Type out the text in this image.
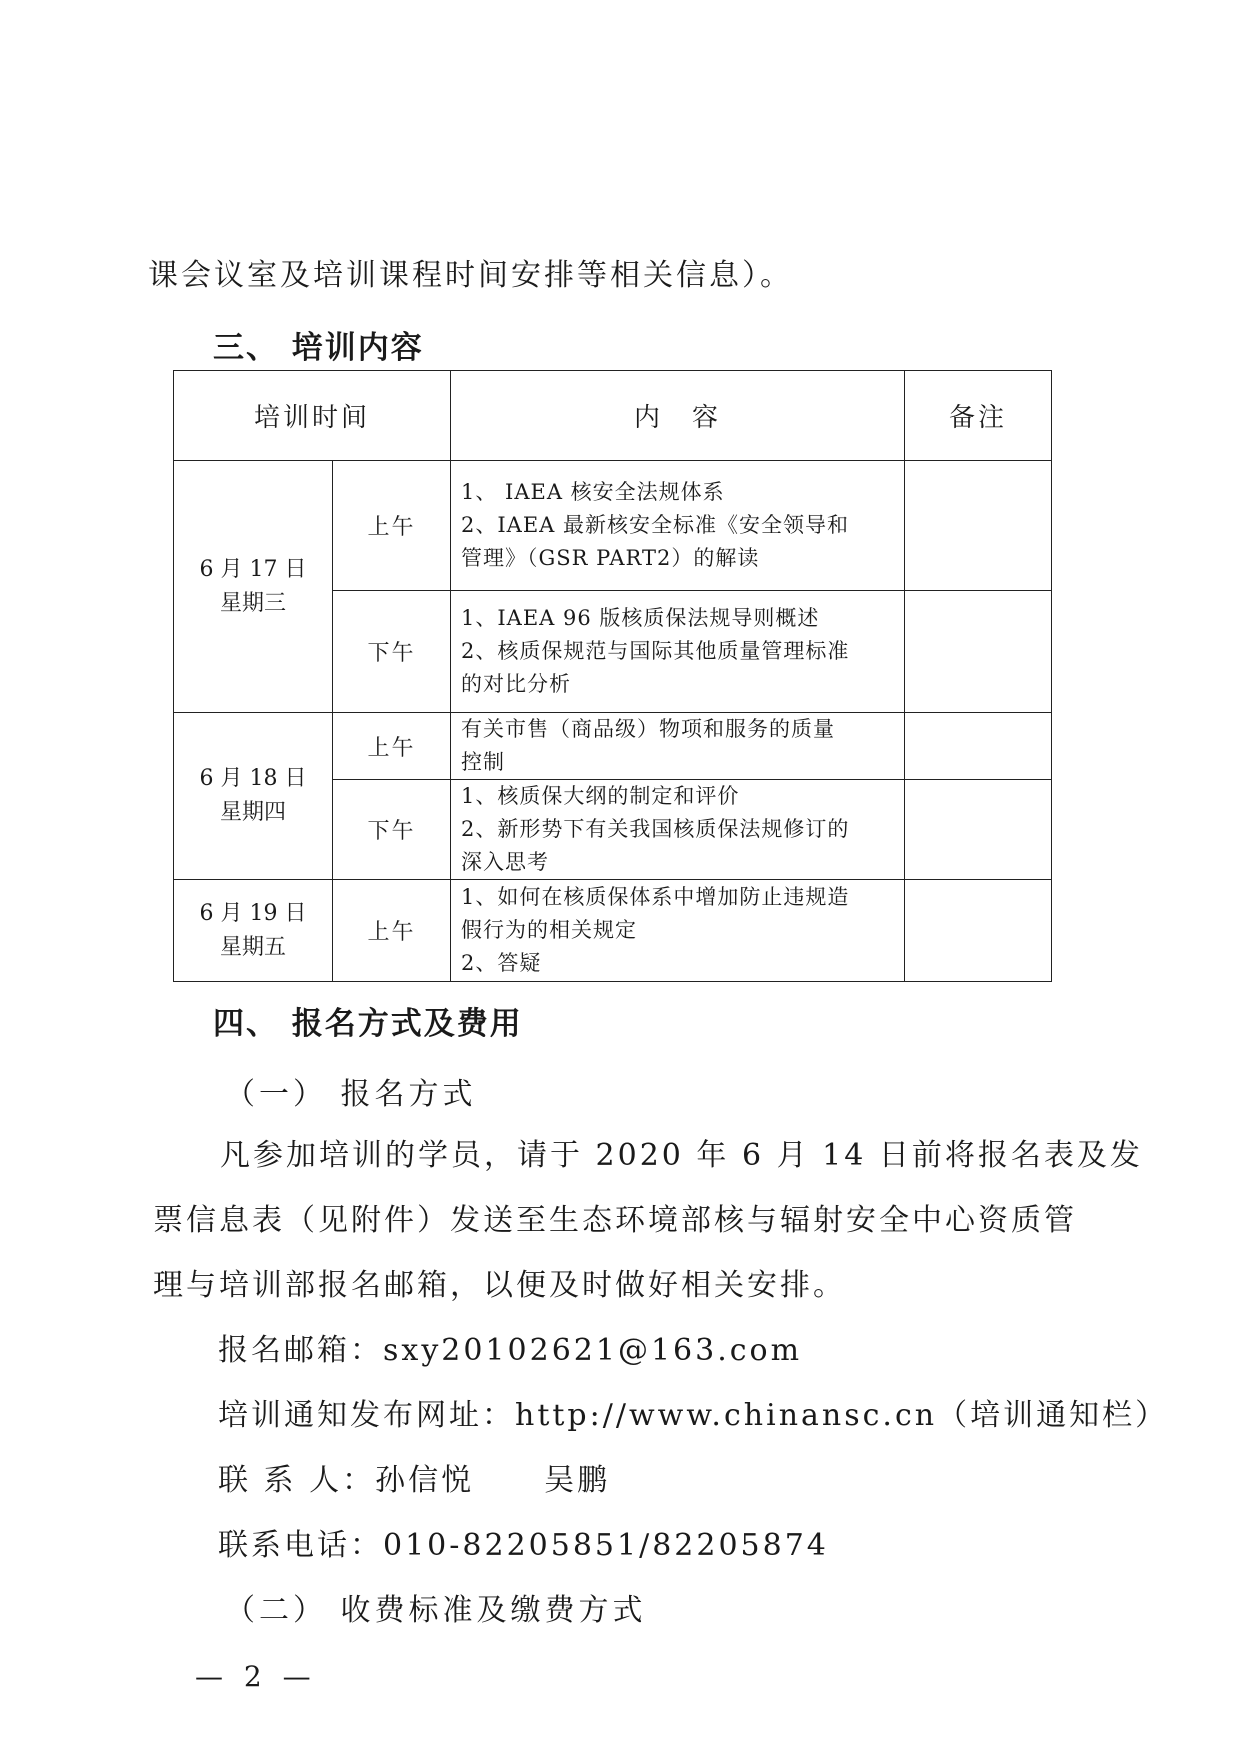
课会议室及培训课程时间安排等相关信息）。
三、 培训内容
培训时间		内　容	备注

6 月 17 日
星期三	上午	1、 IAEA 核安全法规体系
2、IAEA 最新核安全标准《安全领导和
管理》（GSR PART2）的解读	

	下午	1、IAEA 96 版核质保法规导则概述
2、核质保规范与国际其他质量管理标准
的对比分析	

6 月 18 日
星期四	上午	有关市售（商品级）物项和服务的质量
控制	

	下午	1、核质保大纲的制定和评价
2、新形势下有关我国核质保法规修订的
深入思考	

6 月 19 日
星期五	上午	1、如何在核质保体系中增加防止违规造
假行为的相关规定
2、答疑	

四、 报名方式及费用
（一） 报名方式
凡参加培训的学员，请于 2020 年 6 月 14 日前将报名表及发
票信息表（见附件）发送至生态环境部核与辐射安全中心资质管
理与培训部报名邮箱，以便及时做好相关安排。
报名邮箱：sxy20102621@163.com
培训通知发布网址：http://www.chinansc.cn（培训通知栏）
联 系 人：孙信悦 吴鹏
联系电话：010-82205851/82205874
（二） 收费标准及缴费方式
— 2 —
